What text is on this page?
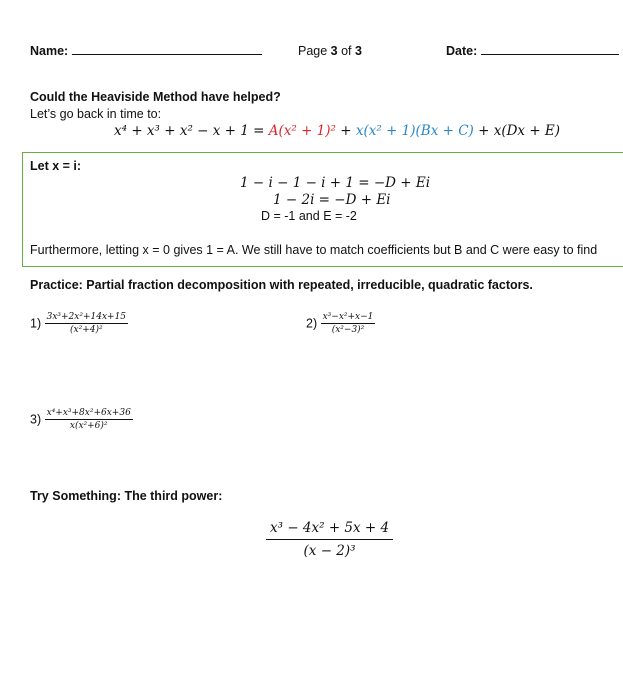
Name:	Page 3 of 3	Date:
Could the Heaviside Method have helped?
Let’s go back in time to:
x⁴ + x³ + x² − x + 1 = A(x² + 1)² + x(x² + 1)(Bx + C) + x(Dx + E)
Let x = i:
1 − i − 1 − i + 1 = −D + Ei
1 − 2i = −D + Ei
D = -1 and E = -2
Furthermore, letting x = 0 gives 1 = A. We still have to match coefficients but B and C were easy to find
Practice: Partial fraction decomposition with repeated, irreducible, quadratic factors.
$1) \frac{\text{3x³+2x²+14x+15}}{\text{(x²+4)²}}$	$2) \frac{\text{x³−x²+x−1}}{\text{(x²−3)²}}$
$3) \frac{\text{x⁴+x³+8x²+6x+36}}{\text{x(x²+6)²}}$
Try Something: The third power:
$\frac{\text{x³ − 4x² + 5x + 4}}{\text{(x − 2)³}}$
